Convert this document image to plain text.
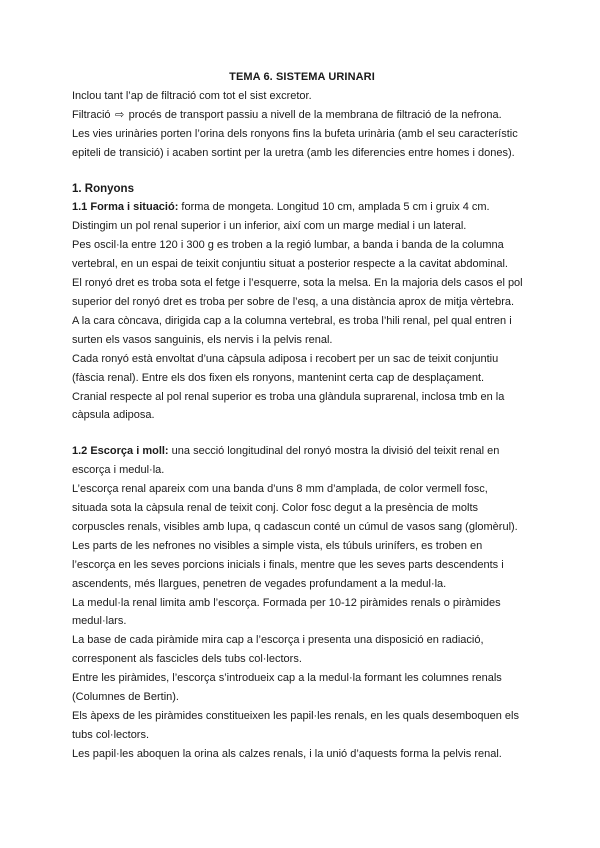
TEMA 6. SISTEMA URINARI
Inclou tant l’ap de filtració com tot el sist excretor.
Filtració ⇨ procés de transport passiu a nivell de la membrana de filtració de la nefrona.
Les vies urinàries porten l’orina dels ronyons fins la bufeta urinària (amb el seu característic
epiteli de transició) i acaben sortint per la uretra (amb les diferencies entre homes i dones).
1. Ronyons
1.1 Forma i situació: forma de mongeta. Longitud 10 cm, amplada 5 cm i gruix 4 cm.
Distingim un pol renal superior i un inferior, així com un marge medial i un lateral.
Pes oscil·la entre 120 i 300 g es troben a la regió lumbar, a banda i banda de la columna
vertebral, en un espai de teixit conjuntiu situat a posterior respecte a la cavitat abdominal.
El ronyó dret es troba sota el fetge i l’esquerre, sota la melsa. En la majoria dels casos el pol
superior del ronyó dret es troba per sobre de l’esq, a una distància aprox de mitja vèrtebra.
A la cara còncava, dirigida cap a la columna vertebral, es troba l’hili renal, pel qual entren i
surten els vasos sanguinis, els nervis i la pelvis renal.
Cada ronyó està envoltat d’una càpsula adiposa i recobert per un sac de teixit conjuntiu
(fàscia renal). Entre els dos fixen els ronyons, mantenint certa cap de desplaçament.
Cranial respecte al pol renal superior es troba una glàndula suprarenal, inclosa tmb en la
càpsula adiposa.
1.2 Escorça i moll: una secció longitudinal del ronyó mostra la divisió del teixit renal en
escorça i medul·la.
L’escorça renal apareix com una banda d’uns 8 mm d’amplada, de color vermell fosc,
situada sota la càpsula renal de teixit conj. Color fosc degut a la presència de molts
corpuscles renals, visibles amb lupa, q cadascun conté un cúmul de vasos sang (glomèrul).
Les parts de les nefrones no visibles a simple vista, els túbuls urinífers, es troben en
l’escorça en les seves porcions inicials i finals, mentre que les seves parts descendents i
ascendents, més llargues, penetren de vegades profundament a la medul·la.
La medul·la renal limita amb l’escorça. Formada per 10-12 piràmides renals o piràmides
medul·lars.
La base de cada piràmide mira cap a l’escorça i presenta una disposició en radiació,
corresponent als fascicles dels tubs col·lectors.
Entre les piràmides, l’escorça s’introdueix cap a la medul·la formant les columnes renals
(Columnes de Bertin).
Els àpexs de les piràmides constitueixen les papil·les renals, en les quals desemboquen els
tubs col·lectors.
Les papil·les aboquen la orina als calzes renals, i la unió d’aquests forma la pelvis renal.
